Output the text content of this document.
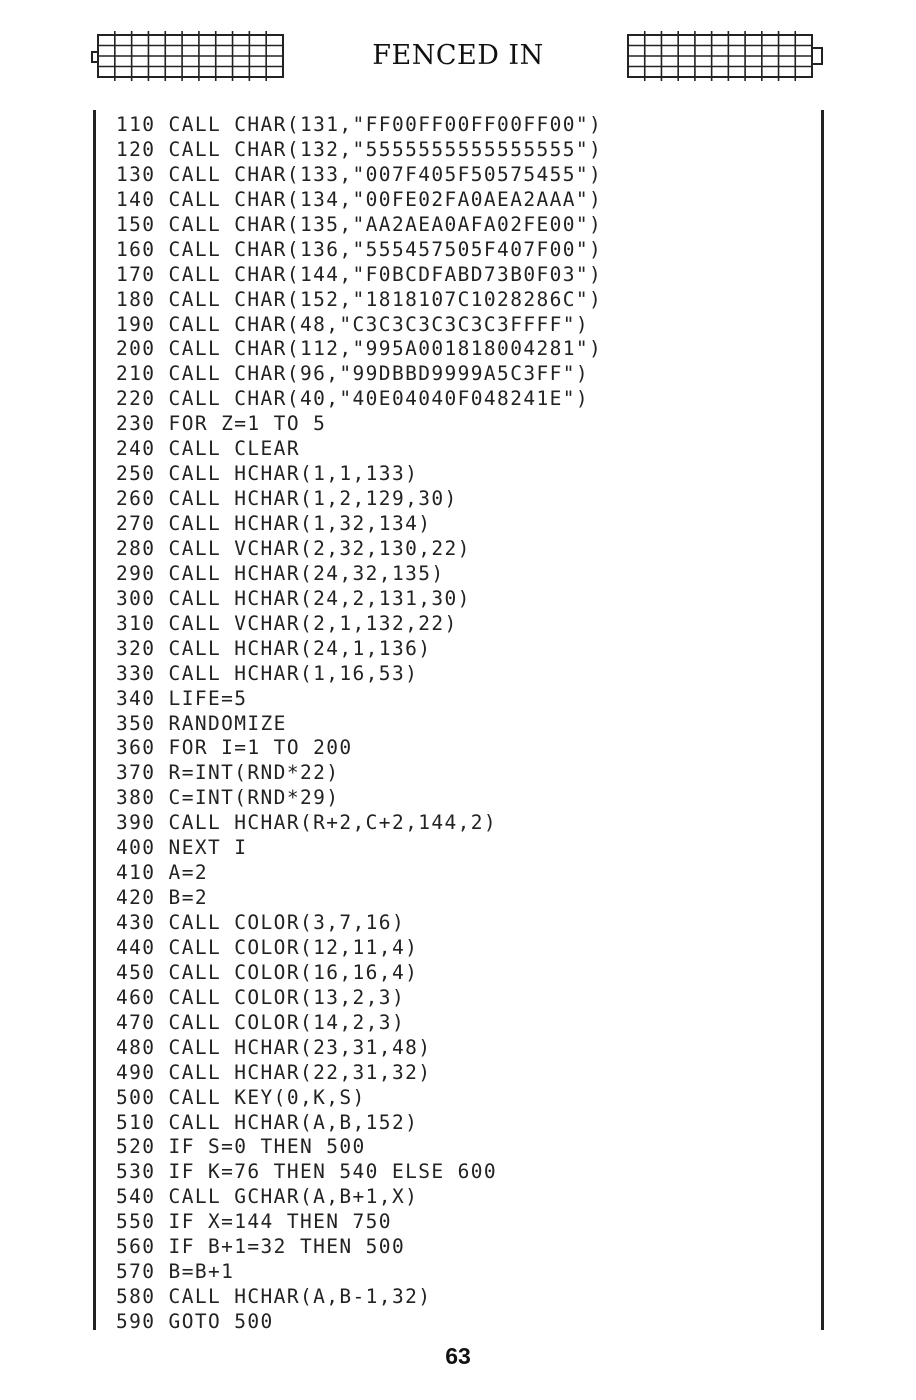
FENCED IN
110 CALL CHAR(131,"FF00FF00FF00FF00")
120 CALL CHAR(132,"5555555555555555")
130 CALL CHAR(133,"007F405F50575455")
140 CALL CHAR(134,"00FE02FA0AEA2AAA")
150 CALL CHAR(135,"AA2AEA0AFA02FE00")
160 CALL CHAR(136,"555457505F407F00")
170 CALL CHAR(144,"F0BCDFABD73B0F03")
180 CALL CHAR(152,"1818107C1028286C")
190 CALL CHAR(48,"C3C3C3C3C3C3FFFF")
200 CALL CHAR(112,"995A001818004281")
210 CALL CHAR(96,"99DBBD9999A5C3FF")
220 CALL CHAR(40,"40E04040F048241E")
230 FOR Z=1 TO 5
240 CALL CLEAR
250 CALL HCHAR(1,1,133)
260 CALL HCHAR(1,2,129,30)
270 CALL HCHAR(1,32,134)
280 CALL VCHAR(2,32,130,22)
290 CALL HCHAR(24,32,135)
300 CALL HCHAR(24,2,131,30)
310 CALL VCHAR(2,1,132,22)
320 CALL HCHAR(24,1,136)
330 CALL HCHAR(1,16,53)
340 LIFE=5
350 RANDOMIZE
360 FOR I=1 TO 200
370 R=INT(RND*22)
380 C=INT(RND*29)
390 CALL HCHAR(R+2,C+2,144,2)
400 NEXT I
410 A=2
420 B=2
430 CALL COLOR(3,7,16)
440 CALL COLOR(12,11,4)
450 CALL COLOR(16,16,4)
460 CALL COLOR(13,2,3)
470 CALL COLOR(14,2,3)
480 CALL HCHAR(23,31,48)
490 CALL HCHAR(22,31,32)
500 CALL KEY(0,K,S)
510 CALL HCHAR(A,B,152)
520 IF S=0 THEN 500
530 IF K=76 THEN 540 ELSE 600
540 CALL GCHAR(A,B+1,X)
550 IF X=144 THEN 750
560 IF B+1=32 THEN 500
570 B=B+1
580 CALL HCHAR(A,B-1,32)
590 GOTO 500
63
